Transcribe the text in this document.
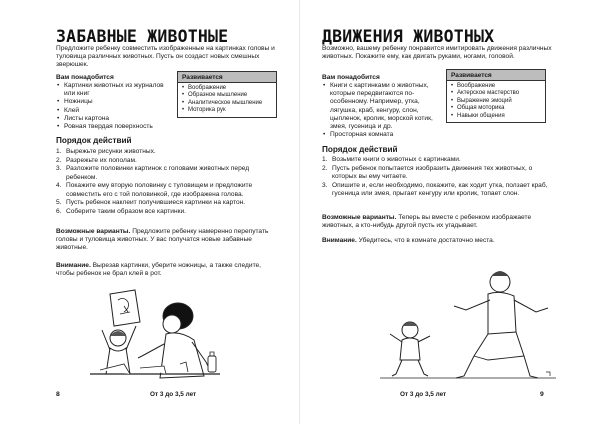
ЗАБАВНЫЕ ЖИВОТНЫЕ
Предложите ребенку совместить изображенные на картинках головы и туловища различных животных. Пусть он создаст новых смешных зверюшек.
Вам понадобится
• Картинки животных из журналов или книг
• Ножницы
• Клей
• Листы картона
• Ровная твердая поверхность
Развивается
• Воображение
• Образное мышление
• Аналитическое мышление
• Моторика рук
Порядок действий
1. Вырежьте рисунки животных.
2. Разрежьте их пополам.
3. Разложите половинки картинок с головами животных перед ребенком.
4. Покажите ему вторую половинку с туловищем и предложите совместить его с той половинкой, где изображена голова.
5. Пусть ребенок наклеит получившиеся картинки на картон.
6. Соберите таким образом все картинки.
Возможные варианты. Предложите ребенку намеренно перепутать головы и туловища животных. У вас получатся новые забавные животные.
Внимание. Вырезав картинки, уберите ножницы, а также следите, чтобы ребенок не брал клей в рот.
8	От 3 до 3,5 лет
ДВИЖЕНИЯ ЖИВОТНЫХ
Возможно, вашему ребенку понравится имитировать движения различных животных. Покажите ему, как двигать руками, ногами, головой.
Вам понадобится
• Книги с картинками о животных, которые передвигаются по-особенному. Например, утка, лягушка, краб, кенгуру, слон, цыпленок, кролик, морской котик, змея, гусеница и др.
• Просторная комната
Развивается
• Воображение
• Актерское мастерство
• Выражение эмоций
• Общая моторика
• Навыки общения
Порядок действий
1. Возьмите книги о животных с картинками.
2. Пусть ребенок попытается изобразить движения тех животных, о которых вы ему читаете.
3. Опишите и, если необходимо, покажите, как ходит утка, ползает краб, гусеница или змея, прыгает кенгуру или кролик, топает слон.
Возможные варианты. Теперь вы вместе с ребенком изображаете животных, а кто-нибудь другой пусть их угадывает.
Внимание. Убедитесь, что в комнате достаточно места.
9
От 3 до 3,5 лет
